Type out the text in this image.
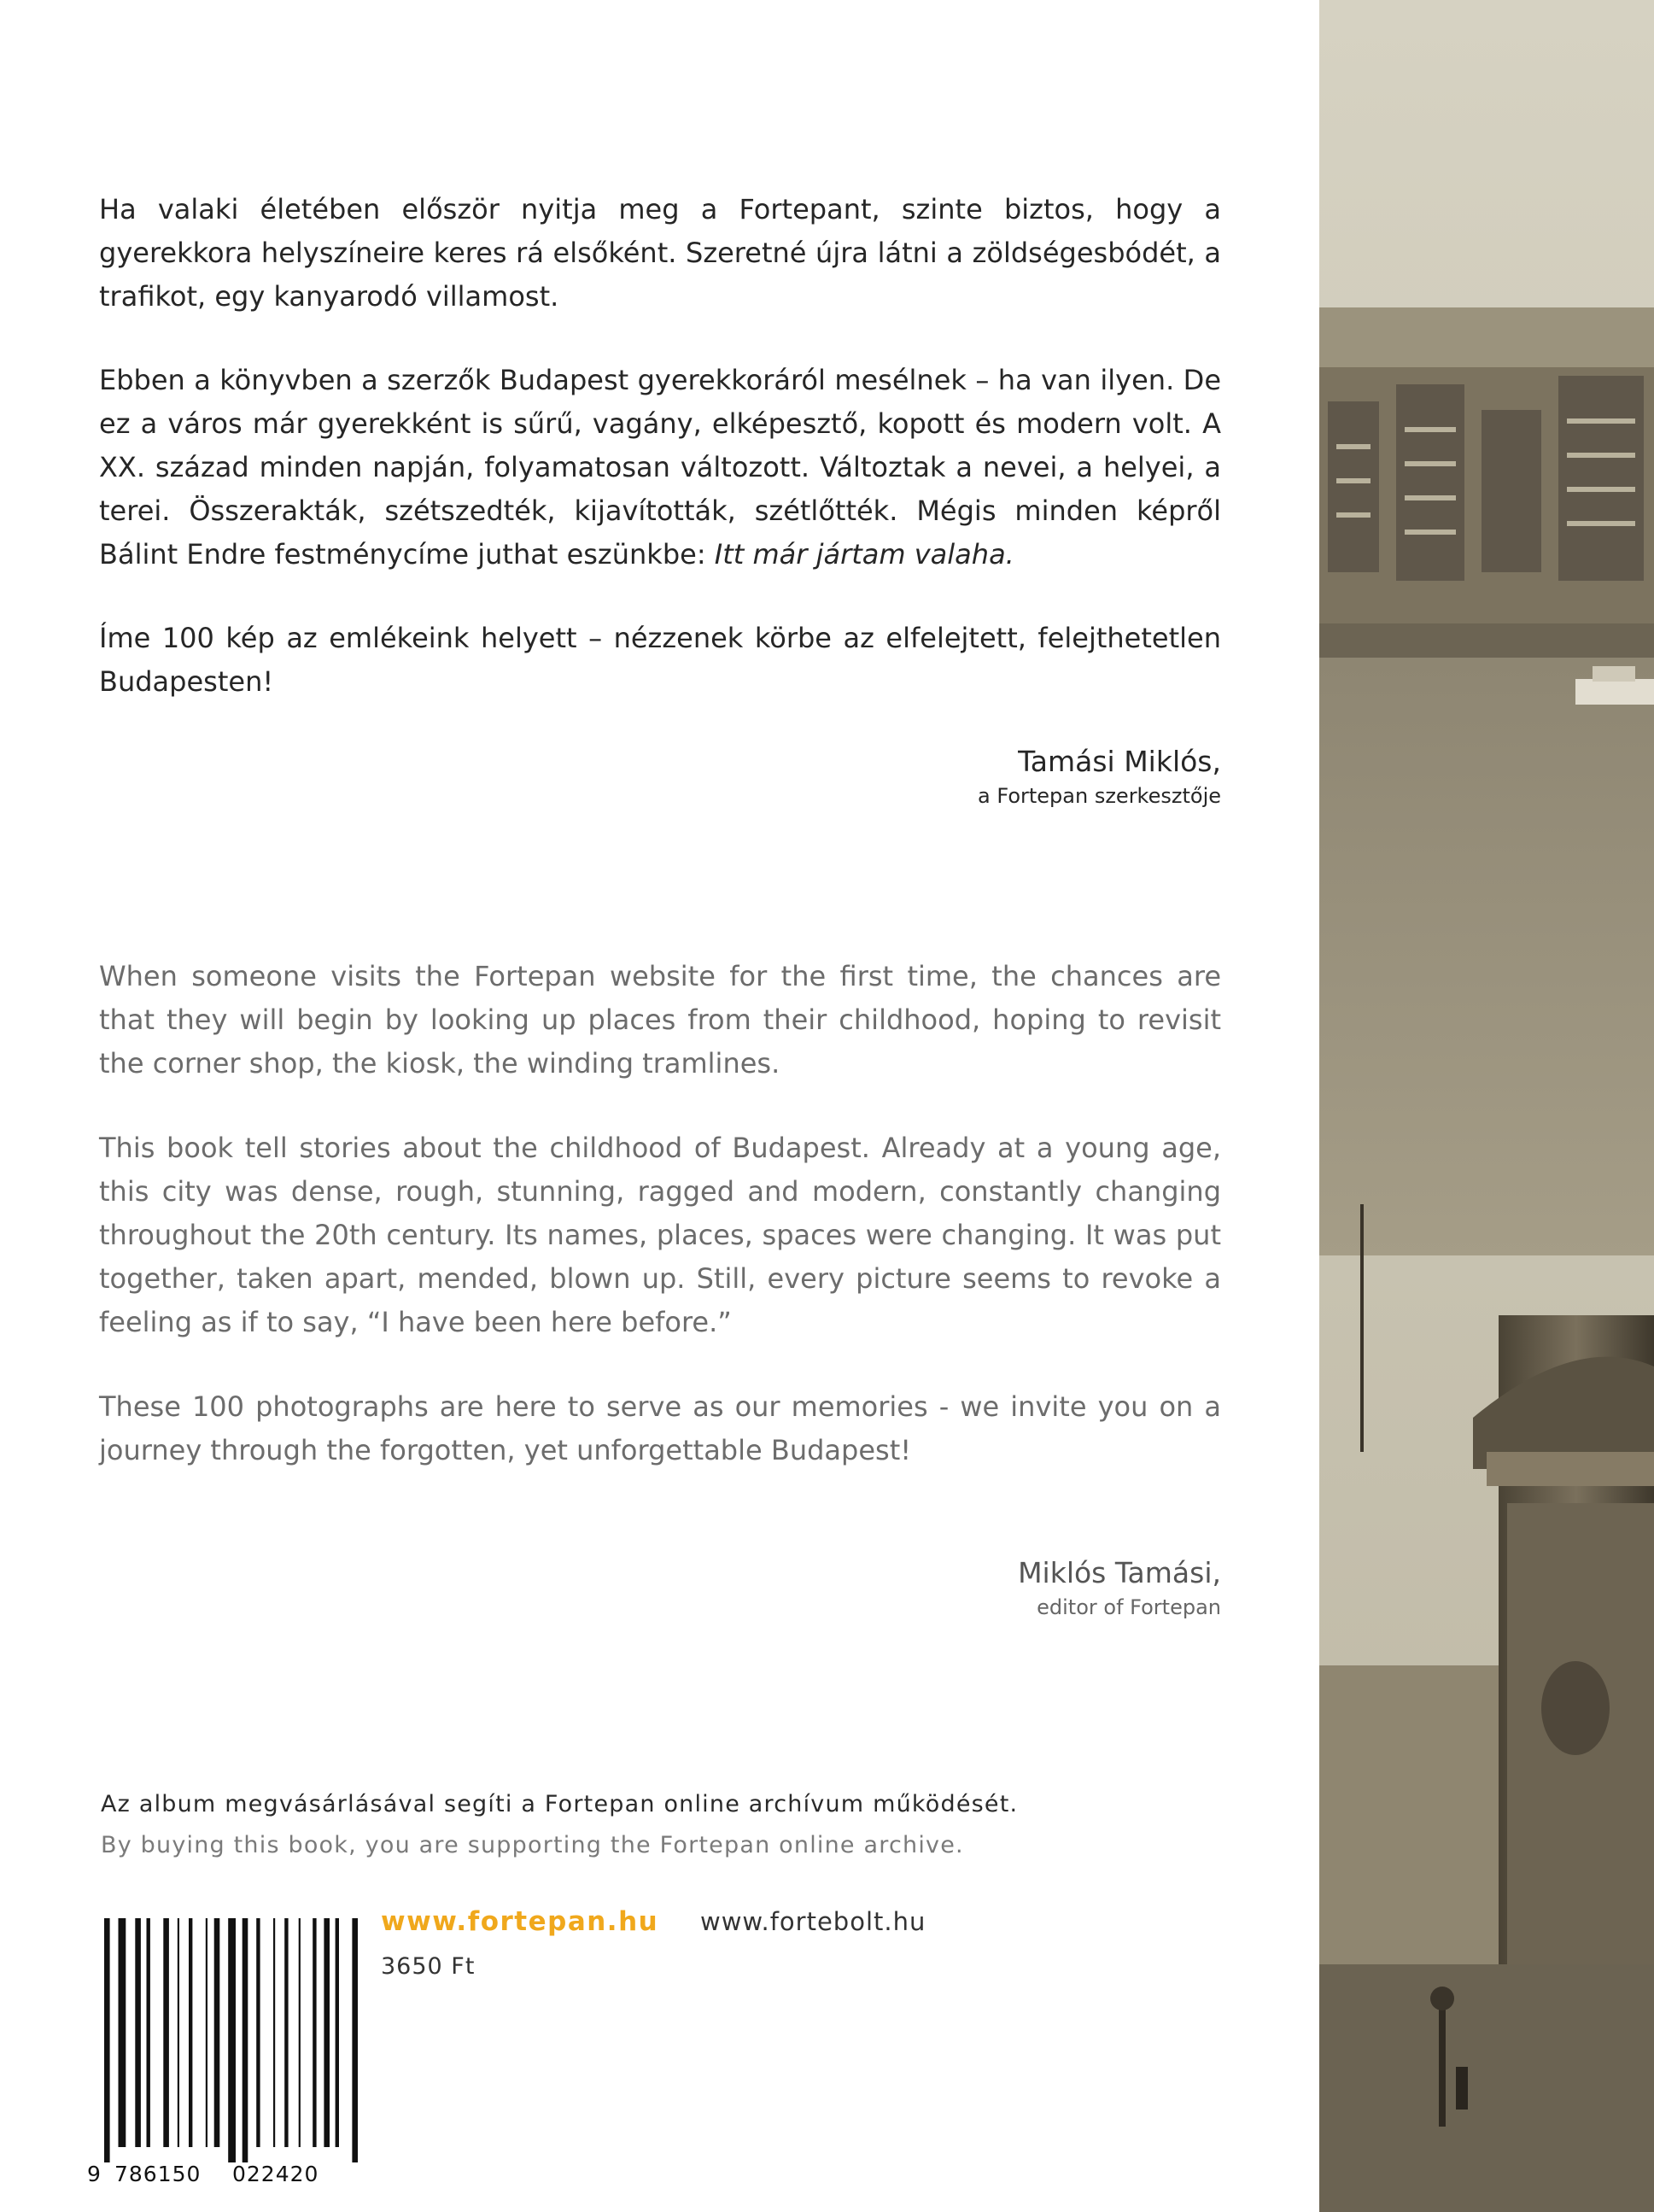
Ha valaki életében először nyitja meg a Fortepant, szinte biztos, hogy a gyerekkora helyszíneire keres rá elsőként. Szeretné újra látni a zöldségesbódét, a trafikot, egy kanyarodó villamost.

Ebben a könyvben a szerzők Budapest gyerekkoráról mesélnek – ha van ilyen. De ez a város már gyerekként is sűrű, vagány, elképesztő, kopott és modern volt. A XX. század minden napján, folyamatosan változott. Változtak a nevei, a helyei, a terei. Összerakták, szétszedték, kijavították, szétlőtték. Mégis minden képről Bálint Endre festménycíme juthat eszünkbe: Itt már jártam valaha.

Íme 100 kép az emlékeink helyett – nézzenek körbe az elfelejtett, felejthetetlen Budapesten!

Tamási Miklós,
a Fortepan szerkesztője

When someone visits the Fortepan website for the first time, the chances are that they will begin by looking up places from their childhood, hoping to revisit the corner shop, the kiosk, the winding tramlines.

This book tell stories about the childhood of Budapest. Already at a young age, this city was dense, rough, stunning, ragged and modern, constantly changing throughout the 20th century. Its names, places, spaces were changing. It was put together, taken apart, mended, blown up. Still, every picture seems to revoke a feeling as if to say, “I have been here before.”

These 100 photographs are here to serve as our memories - we invite you on a journey through the forgotten, yet unforgettable Budapest!

Miklós Tamási,
editor of Fortepan
Az album megvásárlásával segíti a Fortepan online archívum működését.
By buying this book, you are supporting the Fortepan online archive.
9 786150 022420
www.fortepan.hu www.fortebolt.hu
3650 Ft
